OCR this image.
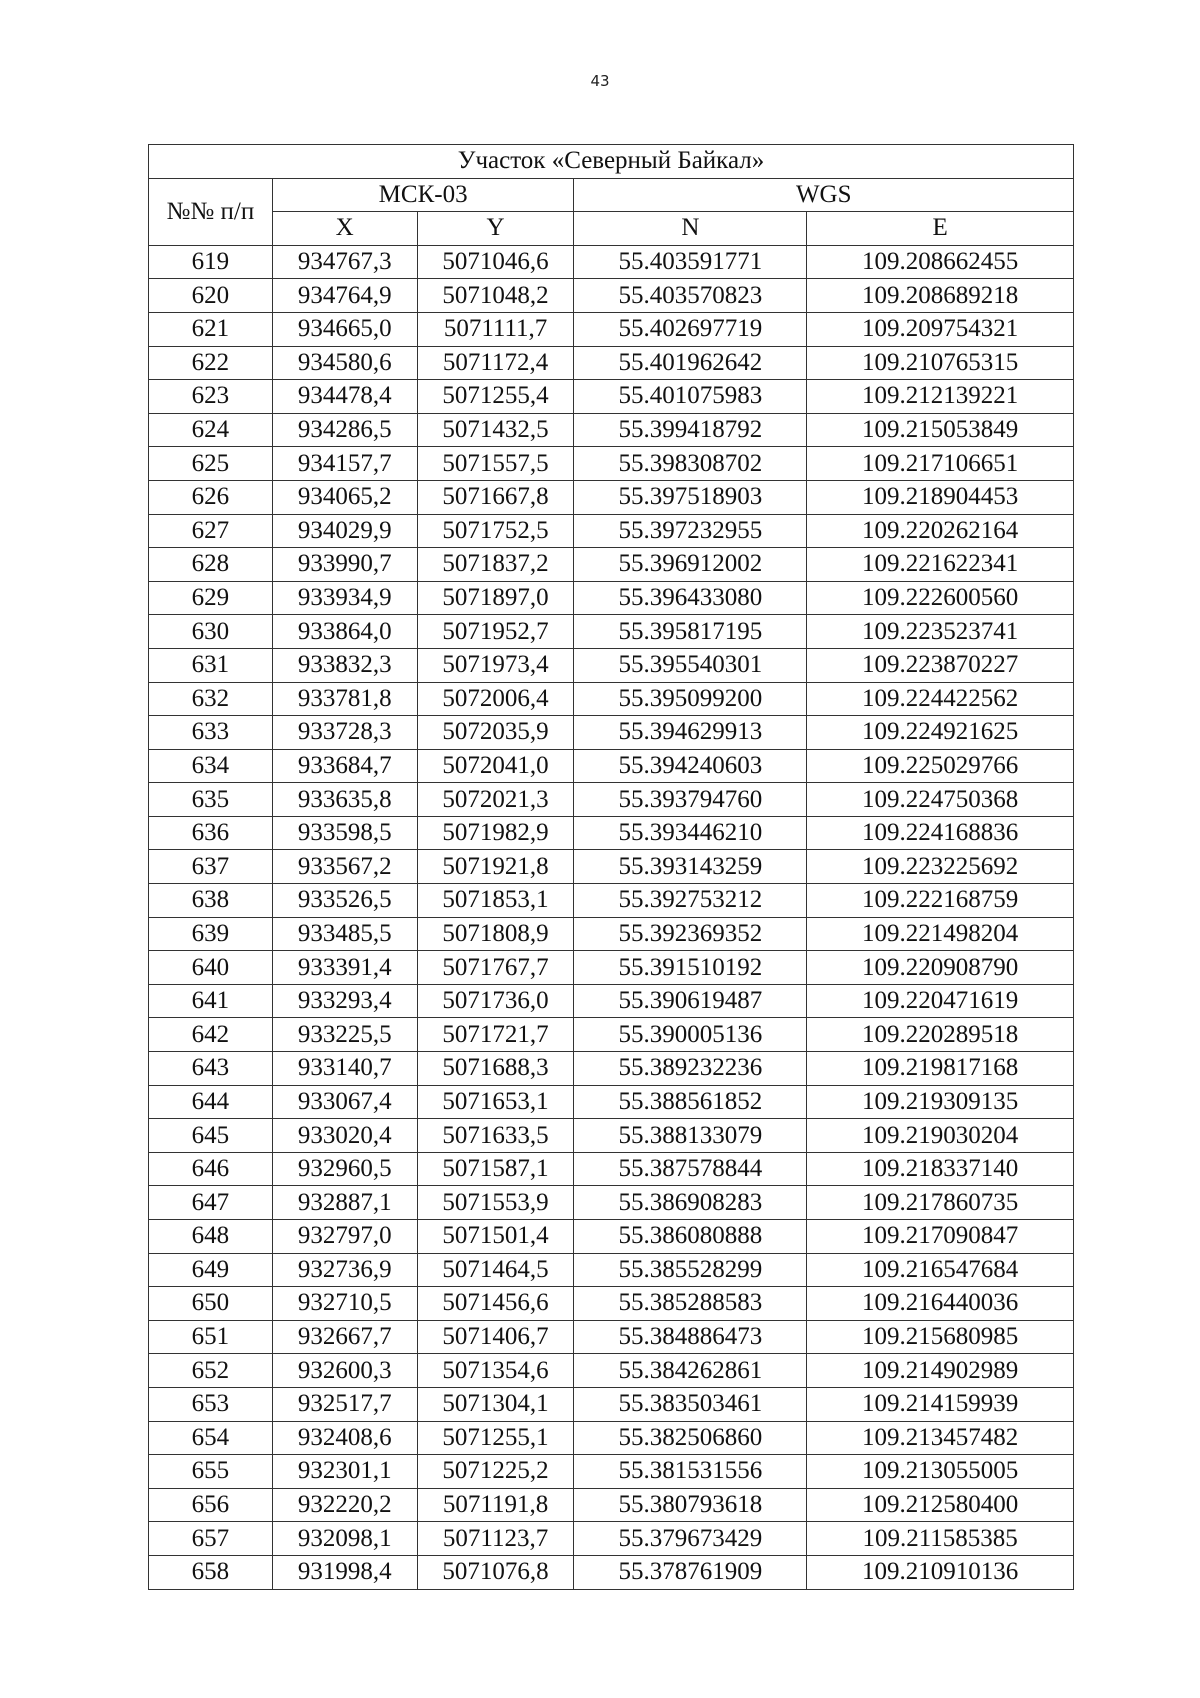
43
Участок «Северный Байкал»				
№№ п/п	МСК-03		WGS	
	X	Y	N	E
619	934767,3	5071046,6	55.403591771	109.208662455
620	934764,9	5071048,2	55.403570823	109.208689218
621	934665,0	5071111,7	55.402697719	109.209754321
622	934580,6	5071172,4	55.401962642	109.210765315
623	934478,4	5071255,4	55.401075983	109.212139221
624	934286,5	5071432,5	55.399418792	109.215053849
625	934157,7	5071557,5	55.398308702	109.217106651
626	934065,2	5071667,8	55.397518903	109.218904453
627	934029,9	5071752,5	55.397232955	109.220262164
628	933990,7	5071837,2	55.396912002	109.221622341
629	933934,9	5071897,0	55.396433080	109.222600560
630	933864,0	5071952,7	55.395817195	109.223523741
631	933832,3	5071973,4	55.395540301	109.223870227
632	933781,8	5072006,4	55.395099200	109.224422562
633	933728,3	5072035,9	55.394629913	109.224921625
634	933684,7	5072041,0	55.394240603	109.225029766
635	933635,8	5072021,3	55.393794760	109.224750368
636	933598,5	5071982,9	55.393446210	109.224168836
637	933567,2	5071921,8	55.393143259	109.223225692
638	933526,5	5071853,1	55.392753212	109.222168759
639	933485,5	5071808,9	55.392369352	109.221498204
640	933391,4	5071767,7	55.391510192	109.220908790
641	933293,4	5071736,0	55.390619487	109.220471619
642	933225,5	5071721,7	55.390005136	109.220289518
643	933140,7	5071688,3	55.389232236	109.219817168
644	933067,4	5071653,1	55.388561852	109.219309135
645	933020,4	5071633,5	55.388133079	109.219030204
646	932960,5	5071587,1	55.387578844	109.218337140
647	932887,1	5071553,9	55.386908283	109.217860735
648	932797,0	5071501,4	55.386080888	109.217090847
649	932736,9	5071464,5	55.385528299	109.216547684
650	932710,5	5071456,6	55.385288583	109.216440036
651	932667,7	5071406,7	55.384886473	109.215680985
652	932600,3	5071354,6	55.384262861	109.214902989
653	932517,7	5071304,1	55.383503461	109.214159939
654	932408,6	5071255,1	55.382506860	109.213457482
655	932301,1	5071225,2	55.381531556	109.213055005
656	932220,2	5071191,8	55.380793618	109.212580400
657	932098,1	5071123,7	55.379673429	109.211585385
658	931998,4	5071076,8	55.378761909	109.210910136
